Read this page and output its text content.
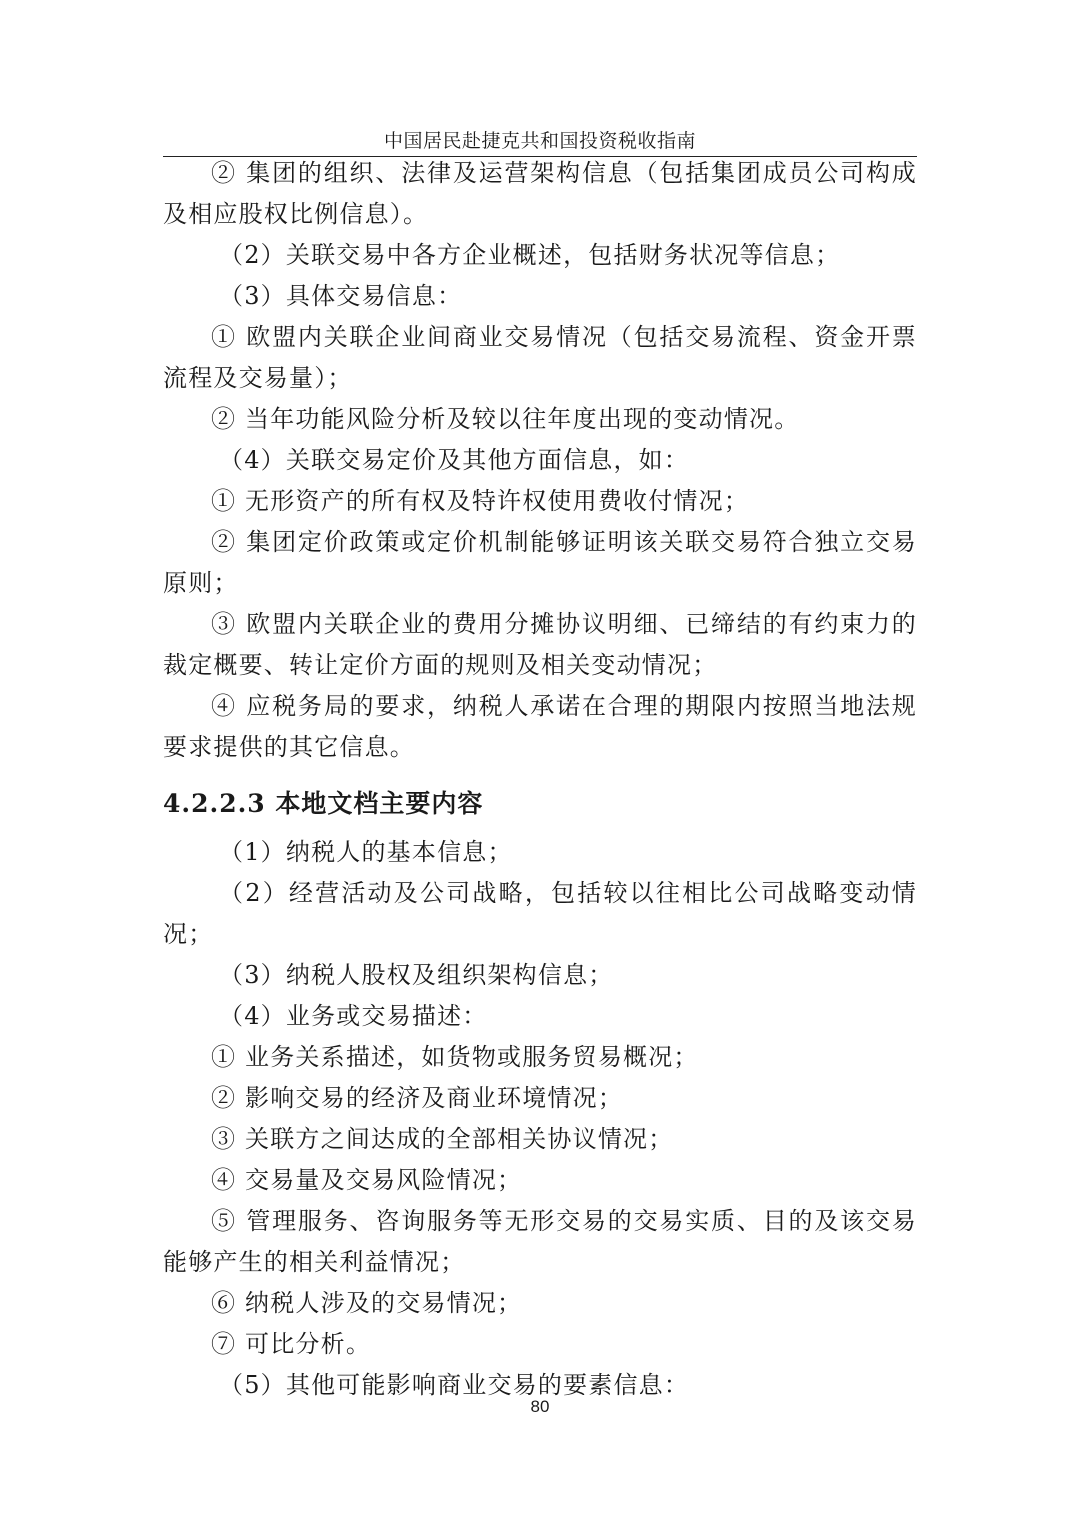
中国居民赴捷克共和国投资税收指南

② 集团的组织、法律及运营架构信息（包括集团成员公司构成及相应股权比例信息）。

（2）关联交易中各方企业概述，包括财务状况等信息；

（3）具体交易信息：

① 欧盟内关联企业间商业交易情况（包括交易流程、资金开票流程及交易量）；

② 当年功能风险分析及较以往年度出现的变动情况。

（4）关联交易定价及其他方面信息，如：

① 无形资产的所有权及特许权使用费收付情况；

② 集团定价政策或定价机制能够证明该关联交易符合独立交易原则；

③ 欧盟内关联企业的费用分摊协议明细、已缔结的有约束力的裁定概要、转让定价方面的规则及相关变动情况；

④ 应税务局的要求，纳税人承诺在合理的期限内按照当地法规要求提供的其它信息。

4.2.2.3 本地文档主要内容

（1）纳税人的基本信息；

（2）经营活动及公司战略，包括较以往相比公司战略变动情况；

（3）纳税人股权及组织架构信息；

（4）业务或交易描述：

① 业务关系描述，如货物或服务贸易概况；

② 影响交易的经济及商业环境情况；

③ 关联方之间达成的全部相关协议情况；

④ 交易量及交易风险情况；

⑤ 管理服务、咨询服务等无形交易的交易实质、目的及该交易能够产生的相关利益情况；

⑥ 纳税人涉及的交易情况；

⑦ 可比分析。

（5）其他可能影响商业交易的要素信息：

80
